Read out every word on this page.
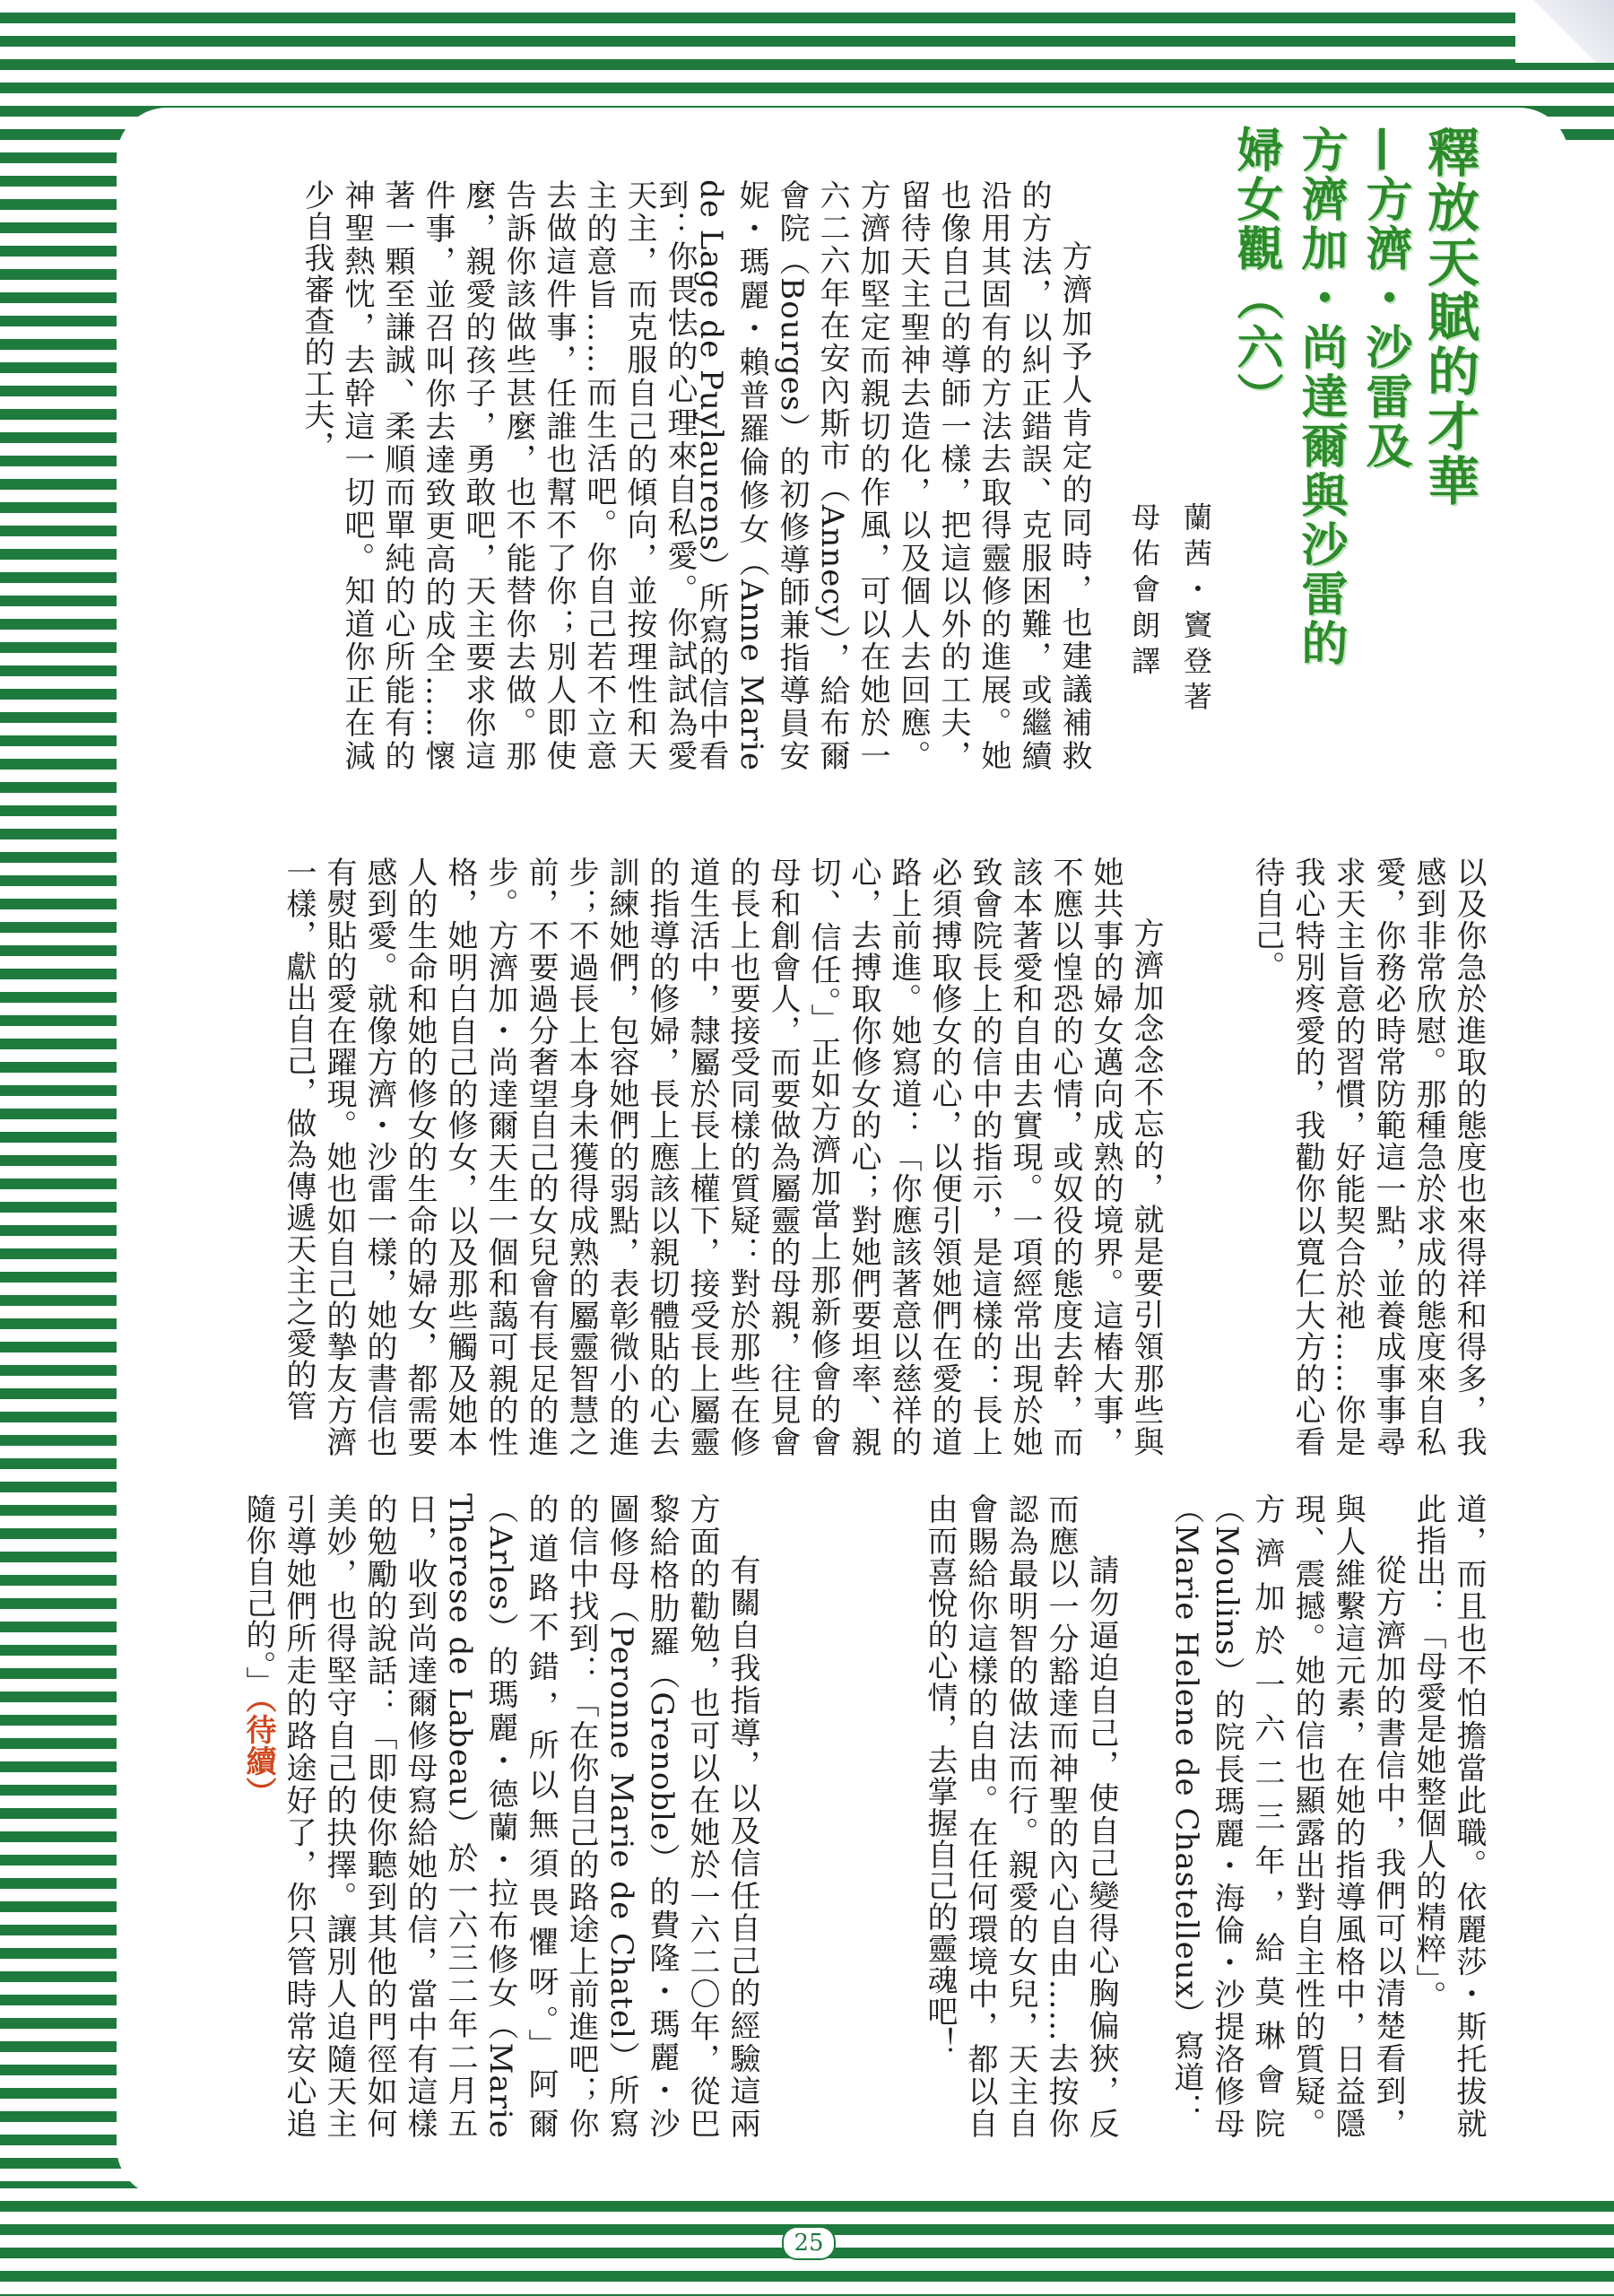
釋放天賦的才華
—方濟・沙雷及
方濟加・尚達爾與沙雷的
婦女觀（六）
蘭茜・竇登著
母佑會朗譯

方濟加予人肯定的同時，也建議補救的方法，以糾正錯誤、克服困難，或繼續沿用其固有的方法去取得靈修的進展。她也像自己的導師一樣，把這以外的工夫，留待天主聖神去造化，以及個人去回應。方濟加堅定而親切的作風，可以在她於一六二六年在安內斯市（Annecy），給布爾會院（Bourges）的初修導師兼指導員安妮・瑪麗・賴普羅倫修女（Anne Marie de Lage de Puylaurens）所寫的信中看到：

你畏怯的心理來自私愛。你試試為愛天主，而克服自己的傾向，並按理性和天主的意旨……而生活吧。你自己若不立意去做這件事，任誰也幫不了你；別人即使告訴你該做些甚麼，也不能替你去做。那麼，親愛的孩子，勇敢吧，天主要求你這件事，並召叫你去達致更高的成全……懷著一顆至謙誠、柔順而單純的心所能有的神聖熱忱，去幹這一切吧。知道你正在減少自我審查的工夫，

以及你急於進取的態度也來得祥和得多，我感到非常欣慰。那種急於求成的態度來自私愛，你務必時常防範這一點，並養成事事尋求天主旨意的習慣，好能契合於祂……你是我心特別疼愛的，我勸你以寬仁大方的心看待自己。

方濟加念念不忘的，就是要引領那些與她共事的婦女邁向成熟的境界。這樁大事，不應以惶恐的心情，或奴役的態度去幹，而該本著愛和自由去實現。一項經常出現於她致會院長上的信中的指示，是這樣的：長上必須搏取修女的心，以便引領她們在愛的道路上前進。她寫道：「你應該著意以慈祥的心，去搏取你修女的心；對她們要坦率、親切、信任。」正如方濟加當上那新修會的會母和創會人，而要做為屬靈的母親，往見會的長上也要接受同樣的質疑：對於那些在修道生活中，隸屬於長上權下，接受長上屬靈的指導的修婦，長上應該以親切體貼的心去訓練她們，包容她們的弱點，表彰微小的進步；不過長上本身未獲得成熟的屬靈智慧之前，不要過分奢望自己的女兒會有長足的進步。方濟加・尚達爾天生一個和藹可親的性格，她明白自己的修女，以及那些觸及她本人的生命和她的修女的生命的婦女，都需要感到愛。就像方濟・沙雷一樣，她的書信也有熨貼的愛在躍現。她也如自己的摯友方濟一樣，獻出自己，做為傳遞天主之愛的管

道，而且也不怕擔當此職。依麗莎・斯托拔就此指出：「母愛是她整個人的精粹」。

從方濟加的書信中，我們可以清楚看到，與人維繫這元素，在她的指導風格中，日益隱現、震撼。她的信也顯露出對自主性的質疑。方濟加於一六二三年，給莫琳會院（Moulins）的院長瑪麗・海倫・沙提洛修母（Marie Helene de Chastelleux）寫道：

請勿逼迫自己，使自己變得心胸偏狹，反而應以一分豁達而神聖的內心自由……去按你認為最明智的做法而行。親愛的女兒，天主自會賜給你這樣的自由。在任何環境中，都以自由而喜悅的心情，去掌握自己的靈魂吧！

有關自我指導，以及信任自己的經驗這兩方面的勸勉，也可以在她於一六二〇年，從巴黎給格肋羅（Grenoble）的費隆・瑪麗・沙圖修母（Peronne Marie de Chatel）所寫的信中找到：「在你自己的路途上前進吧；你的道路不錯，所以無須畏懼呀。」阿爾（Arles）的瑪麗・德蘭・拉布修女（Marie Therese de Labeau）於一六三二年二月五日，收到尚達爾修母寫給她的信，當中有這樣的勉勵的說話：「即使你聽到其他的門徑如何美妙，也得堅守自己的抉擇。讓別人追隨天主引導她們所走的路途好了，你只管時常安心追隨你自己的。」（待續）

25
